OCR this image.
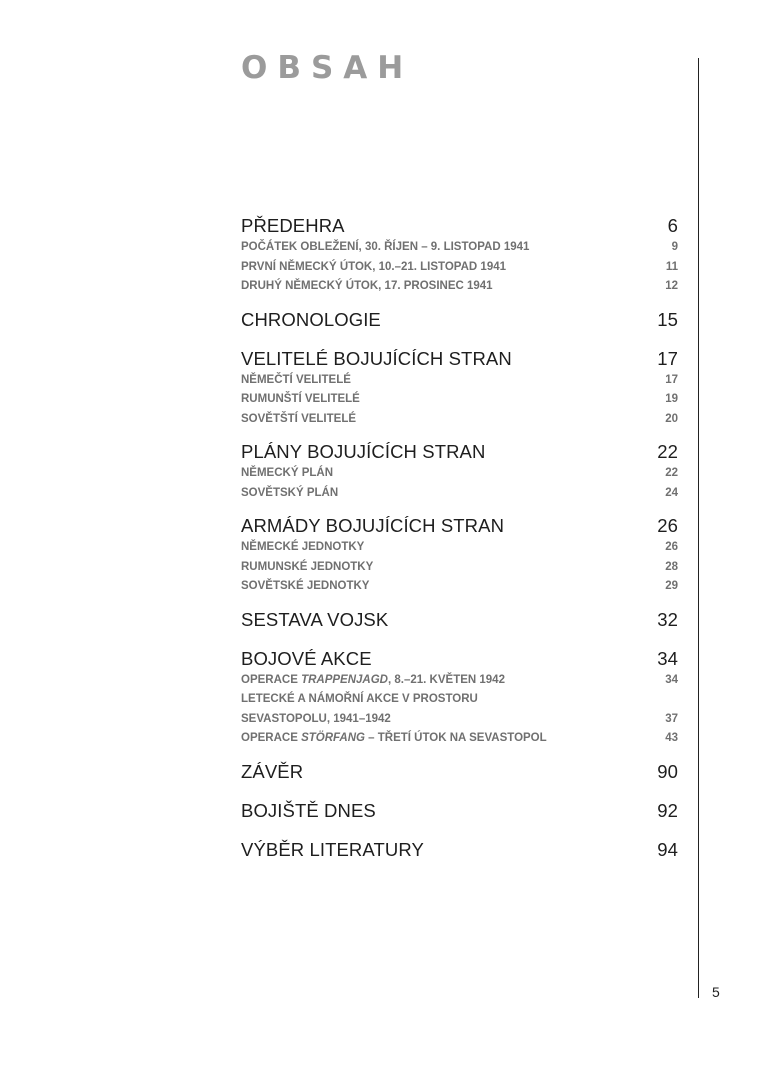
OBSAH
5
PŘEDEHRA	6
POČÁTEK OBLEŽENÍ, 30. ŘÍJEN – 9. LISTOPAD 1941	9
PRVNÍ NĚMECKÝ ÚTOK, 10.–21. LISTOPAD 1941	11
DRUHÝ NĚMECKÝ ÚTOK, 17. PROSINEC 1941	12
CHRONOLOGIE	15
VELITELÉ BOJUJÍCÍCH STRAN	17
NĚMEČTÍ VELITELÉ	17
RUMUNŠTÍ VELITELÉ	19
SOVĚTŠTÍ VELITELÉ	20
PLÁNY BOJUJÍCÍCH STRAN	22
NĚMECKÝ PLÁN	22
SOVĚTSKÝ PLÁN	24
ARMÁDY BOJUJÍCÍCH STRAN	26
NĚMECKÉ JEDNOTKY	26
RUMUNSKÉ JEDNOTKY	28
SOVĚTSKÉ JEDNOTKY	29
SESTAVA VOJSK	32
BOJOVÉ AKCE	34
OPERACE TRAPPENJAGD, 8.–21. KVĚTEN 1942	34
LETECKÉ A NÁMOŘNÍ AKCE V PROSTORU
SEVASTOPOLU, 1941–1942	37
OPERACE STÖRFANG – TŘETÍ ÚTOK NA SEVASTOPOL	43
ZÁVĚR	90
BOJIŠTĚ DNES	92
VÝBĚR LITERATURY	94
